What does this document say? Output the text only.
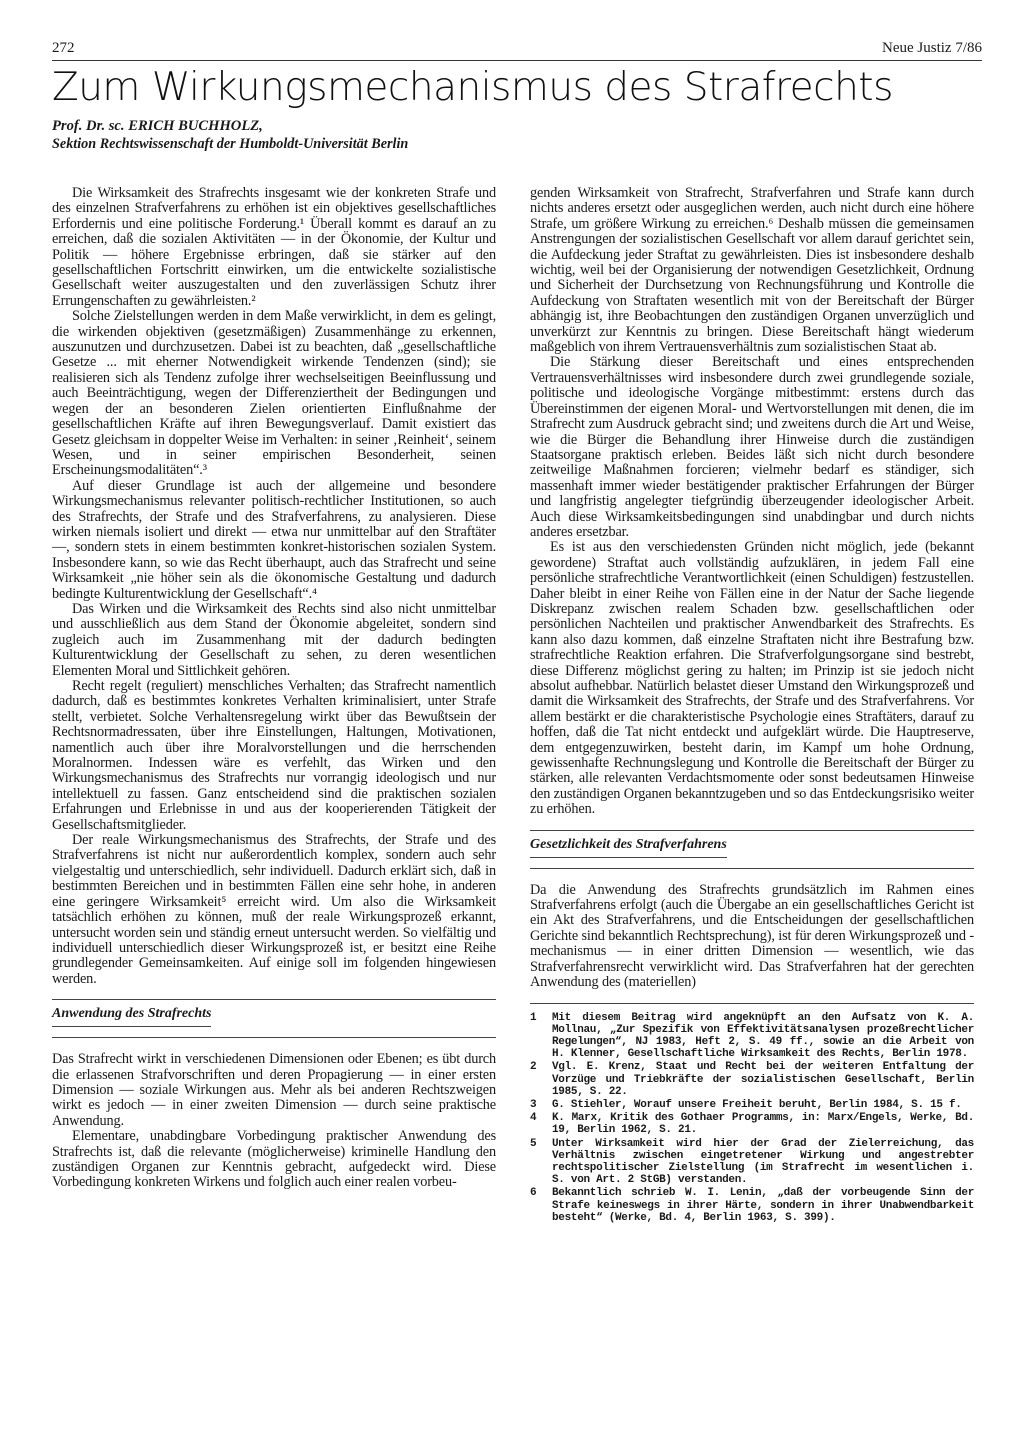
272	Neue Justiz 7/86
Zum Wirkungsmechanismus des Strafrechts
Prof. Dr. sc. ERICH BUCHHOLZ,
Sektion Rechtswissenschaft der Humboldt-Universität Berlin

Die Wirksamkeit des Strafrechts insgesamt wie der konkreten Strafe und des einzelnen Strafverfahrens zu erhöhen ist ein objektives gesellschaftliches Erfordernis und eine politische Forderung.¹ Überall kommt es darauf an zu erreichen, daß die sozialen Aktivitäten — in der Ökonomie, der Kultur und Politik — höhere Ergebnisse erbringen, daß sie stärker auf den gesellschaftlichen Fortschritt einwirken, um die entwickelte sozialistische Gesellschaft weiter auszugestalten und den zuverlässigen Schutz ihrer Errungenschaften zu gewährleisten.²

Solche Zielstellungen werden in dem Maße verwirklicht, in dem es gelingt, die wirkenden objektiven (gesetzmäßigen) Zusammenhänge zu erkennen, auszunutzen und durchzusetzen. Dabei ist zu beachten, daß „gesellschaftliche Gesetze ... mit eherner Notwendigkeit wirkende Tendenzen (sind); sie realisieren sich als Tendenz zufolge ihrer wechselseitigen Beeinflussung und auch Beeinträchtigung, wegen der Differenziertheit der Bedingungen und wegen der an besonderen Zielen orientierten Einflußnahme der gesellschaftlichen Kräfte auf ihren Bewegungsverlauf. Damit existiert das Gesetz gleichsam in doppelter Weise im Verhalten: in seiner ‚Reinheit‘, seinem Wesen, und in seiner empirischen Besonderheit, seinen Erscheinungsmodalitäten“.³

Auf dieser Grundlage ist auch der allgemeine und besondere Wirkungsmechanismus relevanter politisch-rechtlicher Institutionen, so auch des Strafrechts, der Strafe und des Strafverfahrens, zu analysieren. Diese wirken niemals isoliert und direkt — etwa nur unmittelbar auf den Straftäter —, sondern stets in einem bestimmten konkret-historischen sozialen System. Insbesondere kann, so wie das Recht überhaupt, auch das Strafrecht und seine Wirksamkeit „nie höher sein als die ökonomische Gestaltung und dadurch bedingte Kulturentwicklung der Gesellschaft“.⁴

Das Wirken und die Wirksamkeit des Rechts sind also nicht unmittelbar und ausschließlich aus dem Stand der Ökonomie abgeleitet, sondern sind zugleich auch im Zusammenhang mit der dadurch bedingten Kulturentwicklung der Gesellschaft zu sehen, zu deren wesentlichen Elementen Moral und Sittlichkeit gehören.

Recht regelt (reguliert) menschliches Verhalten; das Strafrecht namentlich dadurch, daß es bestimmtes konkretes Verhalten kriminalisiert, unter Strafe stellt, verbietet. Solche Verhaltensregelung wirkt über das Bewußtsein der Rechtsnormadressaten, über ihre Einstellungen, Haltungen, Motivationen, namentlich auch über ihre Moralvorstellungen und die herrschenden Moralnormen. Indessen wäre es verfehlt, das Wirken und den Wirkungsmechanismus des Strafrechts nur vorrangig ideologisch und nur intellektuell zu fassen. Ganz entscheidend sind die praktischen sozialen Erfahrungen und Erlebnisse in und aus der kooperierenden Tätigkeit der Gesellschaftsmitglieder.

Der reale Wirkungsmechanismus des Strafrechts, der Strafe und des Strafverfahrens ist nicht nur außerordentlich komplex, sondern auch sehr vielgestaltig und unterschiedlich, sehr individuell. Dadurch erklärt sich, daß in bestimmten Bereichen und in bestimmten Fällen eine sehr hohe, in anderen eine geringere Wirksamkeit⁵ erreicht wird. Um also die Wirksamkeit tatsächlich erhöhen zu können, muß der reale Wirkungsprozeß erkannt, untersucht worden sein und ständig erneut untersucht werden. So vielfältig und individuell unterschiedlich dieser Wirkungsprozeß ist, er besitzt eine Reihe grundlegender Gemeinsamkeiten. Auf einige soll im folgenden hingewiesen werden.

Anwendung des Strafrechts

Das Strafrecht wirkt in verschiedenen Dimensionen oder Ebenen; es übt durch die erlassenen Strafvorschriften und deren Propagierung — in einer ersten Dimension — soziale Wirkungen aus. Mehr als bei anderen Rechtszweigen wirkt es jedoch — in einer zweiten Dimension — durch seine praktische Anwendung.

Elementare, unabdingbare Vorbedingung praktischer Anwendung des Strafrechts ist, daß die relevante (möglicherweise) kriminelle Handlung den zuständigen Organen zur Kenntnis gebracht, aufgedeckt wird. Diese Vorbedingung konkreten Wirkens und folglich auch einer realen vorbeu-

genden Wirksamkeit von Strafrecht, Strafverfahren und Strafe kann durch nichts anderes ersetzt oder ausgeglichen werden, auch nicht durch eine höhere Strafe, um größere Wirkung zu erreichen.⁶ Deshalb müssen die gemeinsamen Anstrengungen der sozialistischen Gesellschaft vor allem darauf gerichtet sein, die Aufdeckung jeder Straftat zu gewährleisten. Dies ist insbesondere deshalb wichtig, weil bei der Organisierung der notwendigen Gesetzlichkeit, Ordnung und Sicherheit der Durchsetzung von Rechnungsführung und Kontrolle die Aufdeckung von Straftaten wesentlich mit von der Bereitschaft der Bürger abhängig ist, ihre Beobachtungen den zuständigen Organen unverzüglich und unverkürzt zur Kenntnis zu bringen. Diese Bereitschaft hängt wiederum maßgeblich von ihrem Vertrauensverhältnis zum sozialistischen Staat ab.

Die Stärkung dieser Bereitschaft und eines entsprechenden Vertrauensverhältnisses wird insbesondere durch zwei grundlegende soziale, politische und ideologische Vorgänge mitbestimmt: erstens durch das Übereinstimmen der eigenen Moral- und Wertvorstellungen mit denen, die im Strafrecht zum Ausdruck gebracht sind; und zweitens durch die Art und Weise, wie die Bürger die Behandlung ihrer Hinweise durch die zuständigen Staatsorgane praktisch erleben. Beides läßt sich nicht durch besondere zeitweilige Maßnahmen forcieren; vielmehr bedarf es ständiger, sich massenhaft immer wieder bestätigender praktischer Erfahrungen der Bürger und langfristig angelegter tiefgründig überzeugender ideologischer Arbeit. Auch diese Wirksamkeitsbedingungen sind unabdingbar und durch nichts anderes ersetzbar.

Es ist aus den verschiedensten Gründen nicht möglich, jede (bekannt gewordene) Straftat auch vollständig aufzuklären, in jedem Fall eine persönliche strafrechtliche Verantwortlichkeit (einen Schuldigen) festzustellen. Daher bleibt in einer Reihe von Fällen eine in der Natur der Sache liegende Diskrepanz zwischen realem Schaden bzw. gesellschaftlichen oder persönlichen Nachteilen und praktischer Anwendbarkeit des Strafrechts. Es kann also dazu kommen, daß einzelne Straftaten nicht ihre Bestrafung bzw. strafrechtliche Reaktion erfahren. Die Strafverfolgungsorgane sind bestrebt, diese Differenz möglichst gering zu halten; im Prinzip ist sie jedoch nicht absolut aufhebbar. Natürlich belastet dieser Umstand den Wirkungsprozeß und damit die Wirksamkeit des Strafrechts, der Strafe und des Strafverfahrens. Vor allem bestärkt er die charakteristische Psychologie eines Straftäters, darauf zu hoffen, daß die Tat nicht entdeckt und aufgeklärt würde. Die Hauptreserve, dem entgegenzuwirken, besteht darin, im Kampf um hohe Ordnung, gewissenhafte Rechnungslegung und Kontrolle die Bereitschaft der Bürger zu stärken, alle relevanten Verdachtsmomente oder sonst bedeutsamen Hinweise den zuständigen Organen bekanntzugeben und so das Entdeckungsrisiko weiter zu erhöhen.

Gesetzlichkeit des Strafverfahrens

Da die Anwendung des Strafrechts grundsätzlich im Rahmen eines Strafverfahrens erfolgt (auch die Übergabe an ein gesellschaftliches Gericht ist ein Akt des Strafverfahrens, und die Entscheidungen der gesellschaftlichen Gerichte sind bekanntlich Rechtsprechung), ist für deren Wirkungsprozeß und -mechanismus — in einer dritten Dimension — wesentlich, wie das Strafverfahrensrecht verwirklicht wird. Das Strafverfahren hat der gerechten Anwendung des (materiellen)

1	Mit diesem Beitrag wird angeknüpft an den Aufsatz von K. A. Mollnau, „Zur Spezifik von Effektivitätsanalysen prozeßrechtlicher Regelungen“, NJ 1983, Heft 2, S. 49 ff., sowie an die Arbeit von H. Klenner, Gesellschaftliche Wirksamkeit des Rechts, Berlin 1978.
2	Vgl. E. Krenz, Staat und Recht bei der weiteren Entfaltung der Vorzüge und Triebkräfte der sozialistischen Gesellschaft, Berlin 1985, S. 22.
3	G. Stiehler, Worauf unsere Freiheit beruht, Berlin 1984, S. 15 f.
4	K. Marx, Kritik des Gothaer Programms, in: Marx/Engels, Werke, Bd. 19, Berlin 1962, S. 21.
5	Unter Wirksamkeit wird hier der Grad der Zielerreichung, das Verhältnis zwischen eingetretener Wirkung und angestrebter rechtspolitischer Zielstellung (im Strafrecht im wesentlichen i. S. von Art. 2 StGB) verstanden.
6	Bekanntlich schrieb W. I. Lenin, „daß der vorbeugende Sinn der Strafe keineswegs in ihrer Härte, sondern in ihrer Unabwendbarkeit besteht“ (Werke, Bd. 4, Berlin 1963, S. 399).
